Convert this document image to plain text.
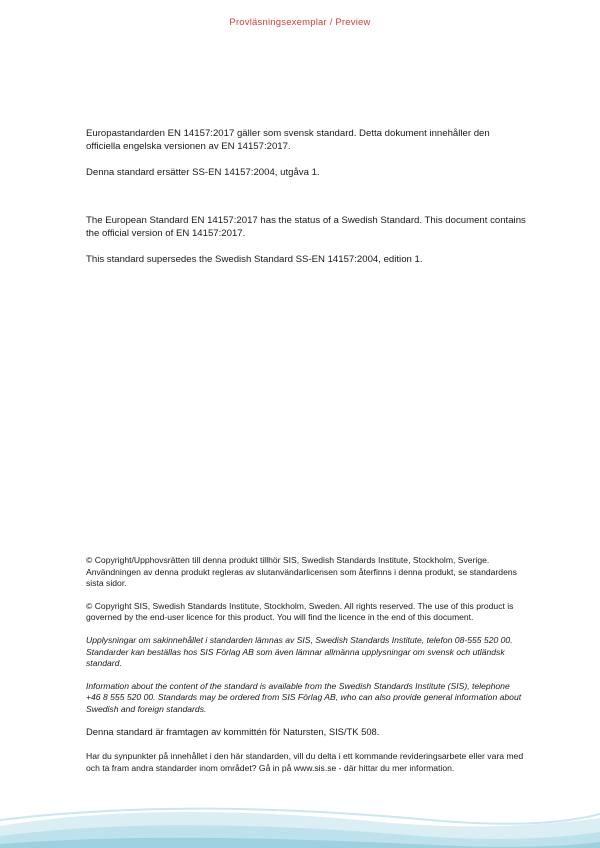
Provläsningsexemplar / Preview

Europastandarden EN 14157:2017 gäller som svensk standard. Detta dokument innehåller den officiella engelska versionen av EN 14157:2017.

Denna standard ersätter SS-EN 14157:2004, utgåva 1.

The European Standard EN 14157:2017 has the status of a Swedish Standard. This document contains the official version of EN 14157:2017.

This standard supersedes the Swedish Standard SS-EN 14157:2004, edition 1.

© Copyright/Upphovsrätten till denna produkt tillhör SIS, Swedish Standards Institute, Stockholm, Sverige. Användningen av denna produkt regleras av slutanvändarlicensen som återfinns i denna produkt, se standardens sista sidor.

© Copyright SIS, Swedish Standards Institute, Stockholm, Sweden. All rights reserved. The use of this product is governed by the end-user licence for this product. You will find the licence in the end of this document.

Upplysningar om sakinnehållet i standarden lämnas av SIS, Swedish Standards Institute, telefon 08-555 520 00. Standarder kan beställas hos SIS Förlag AB som även lämnar allmänna upplysningar om svensk och utländsk standard.

Information about the content of the standard is available from the Swedish Standards Institute (SIS), telephone +46 8 555 520 00. Standards may be ordered from SIS Förlag AB, who can also provide general information about Swedish and foreign standards.

Denna standard är framtagen av kommittén för Natursten, SIS/TK 508.

Har du synpunkter på innehållet i den här standarden, vill du delta i ett kommande revideringsarbete eller vara med och ta fram andra standarder inom området? Gå in på www.sis.se - där hittar du mer information.
